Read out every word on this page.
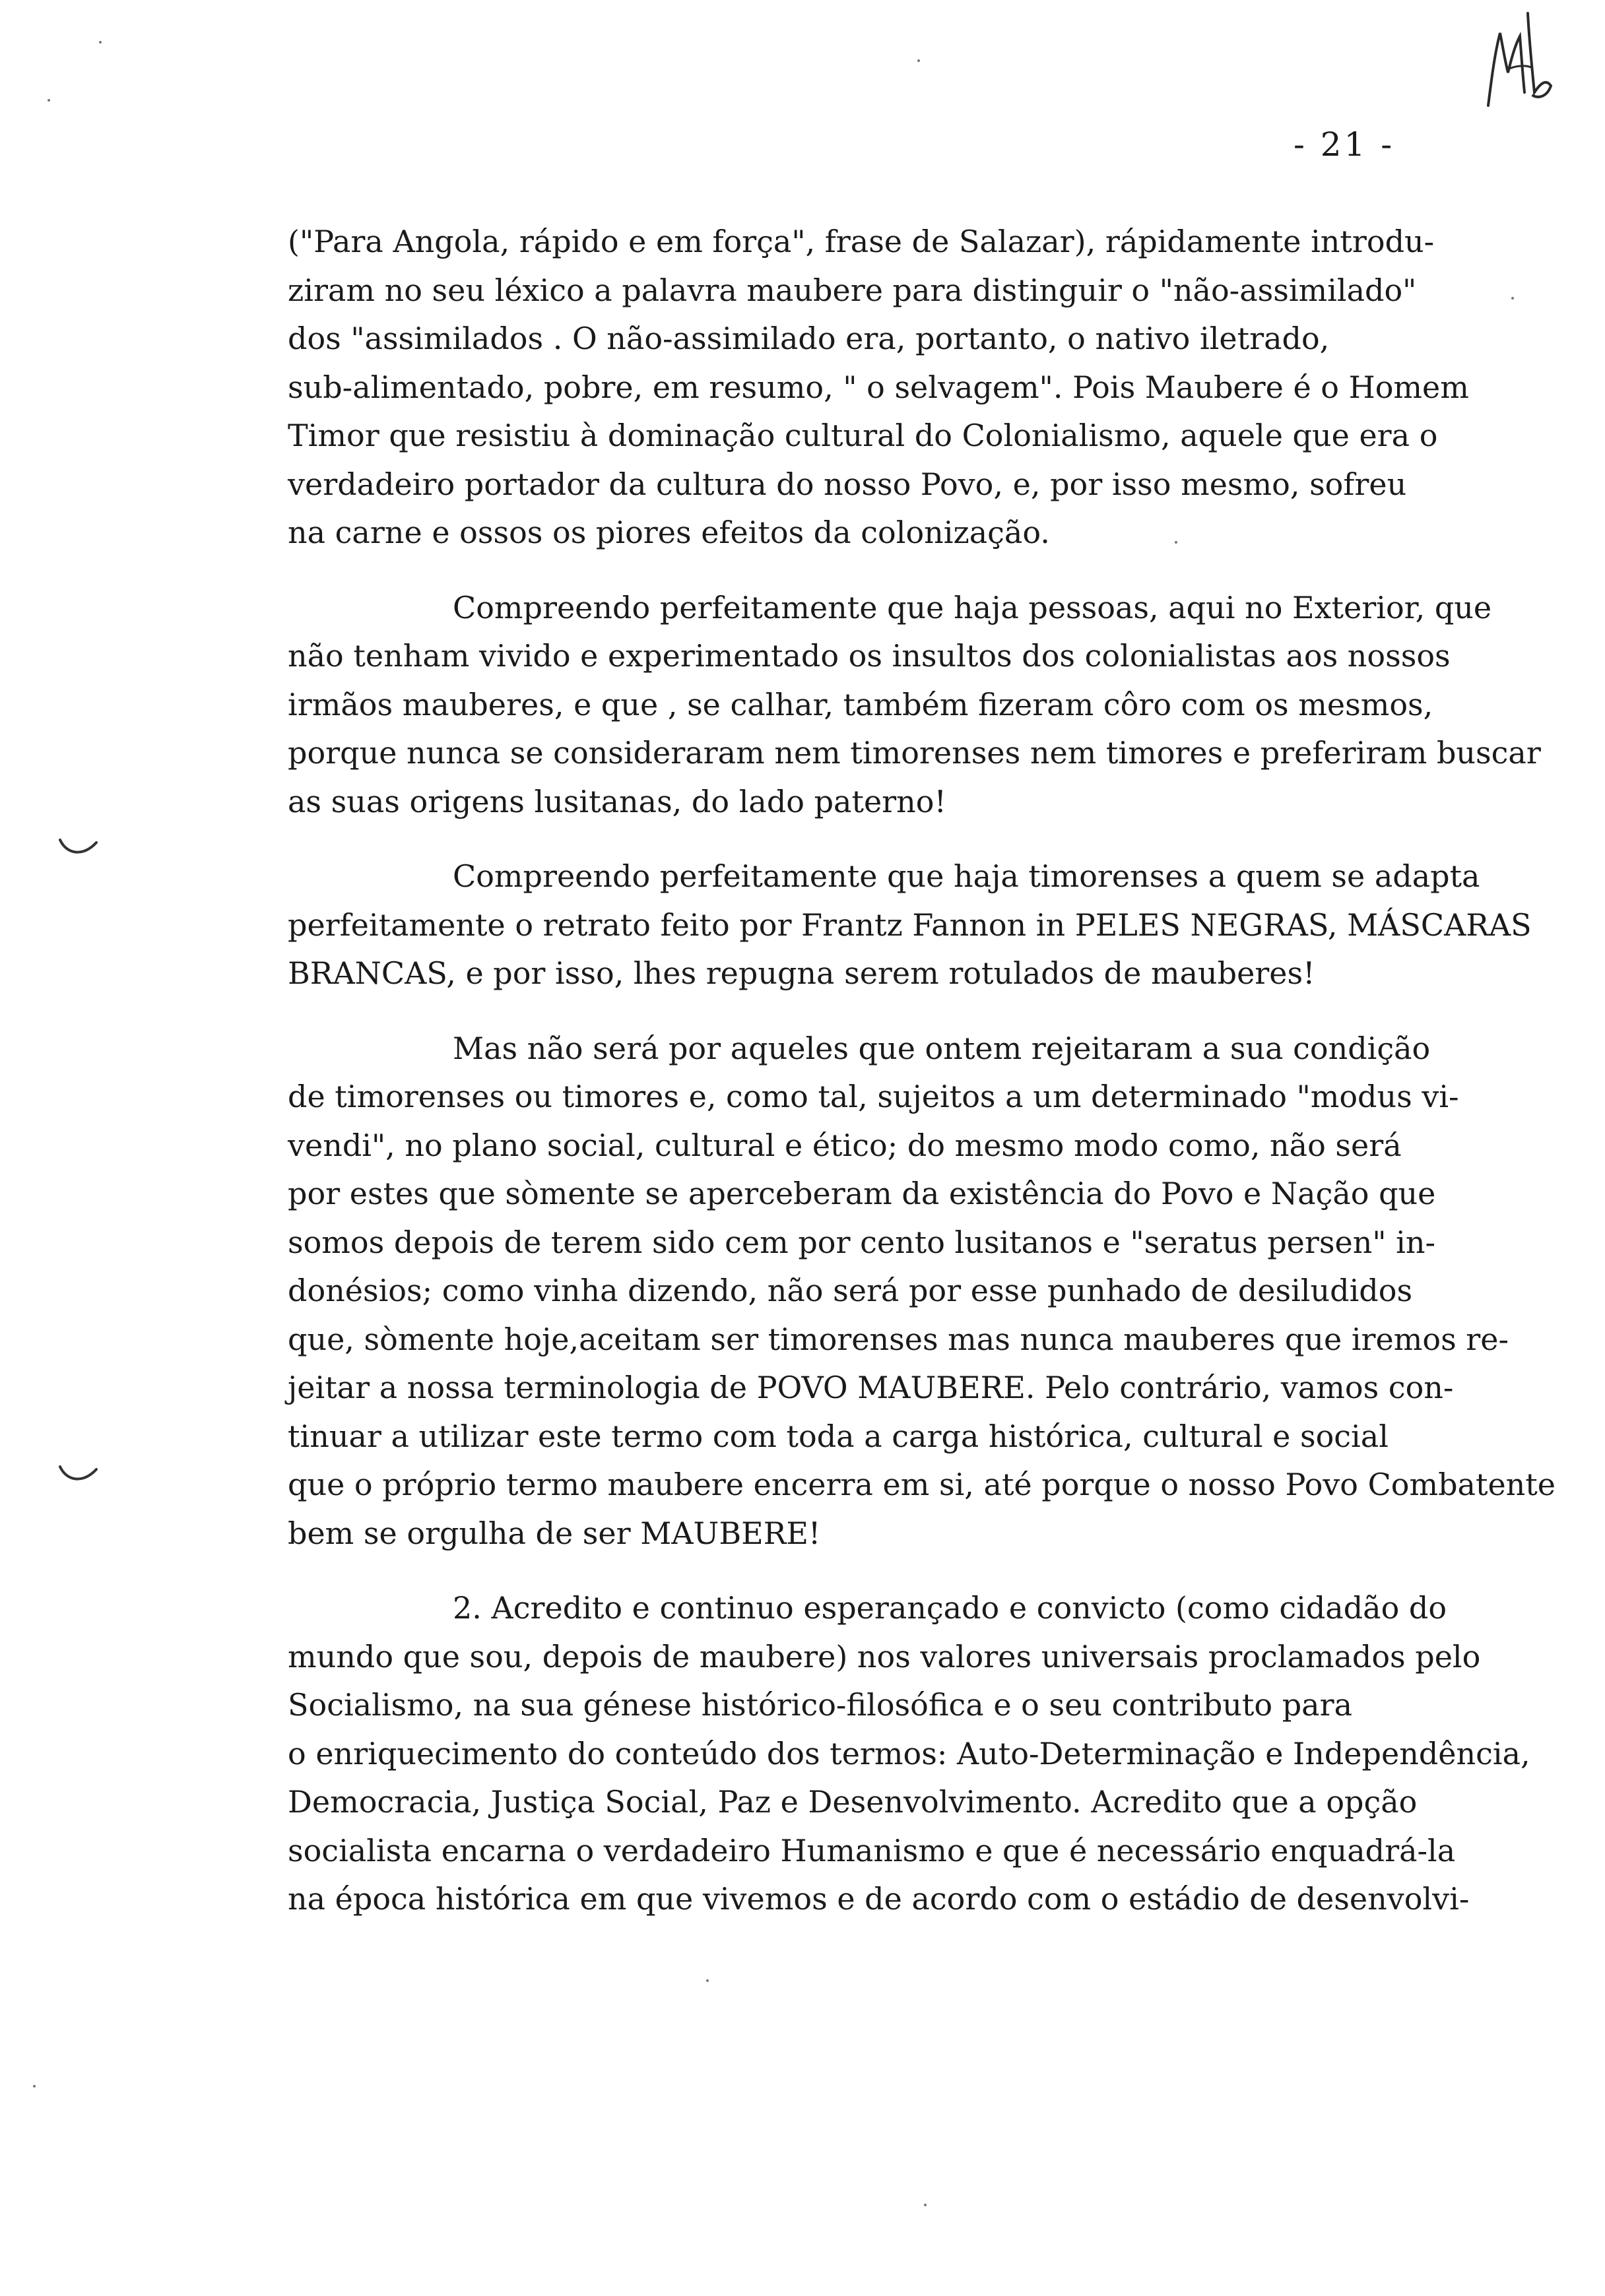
- 21 -
("Para Angola, rápido e em força", frase de Salazar), rápidamente introdu-
ziram no seu léxico a palavra maubere para distinguir o "não-assimilado"
dos "assimilados . O não-assimilado era, portanto, o nativo iletrado,
sub-alimentado, pobre, em resumo, " o selvagem". Pois Maubere é o Homem
Timor que resistiu à dominação cultural do Colonialismo, aquele que era o
verdadeiro portador da cultura do nosso Povo, e, por isso mesmo, sofreu
na carne e ossos os piores efeitos da colonização.
Compreendo perfeitamente que haja pessoas, aqui no Exterior, que
não tenham vivido e experimentado os insultos dos colonialistas aos nossos
irmãos mauberes, e que , se calhar, também fizeram côro com os mesmos,
porque nunca se consideraram nem timorenses nem timores e preferiram buscar
as suas origens lusitanas, do lado paterno!
Compreendo perfeitamente que haja timorenses a quem se adapta
perfeitamente o retrato feito por Frantz Fannon in PELES NEGRAS, MÁSCARAS
BRANCAS, e por isso, lhes repugna serem rotulados de mauberes!
Mas não será por aqueles que ontem rejeitaram a sua condição
de timorenses ou timores e, como tal, sujeitos a um determinado "modus vi-
vendi", no plano social, cultural e ético; do mesmo modo como, não será
por estes que sòmente se aperceberam da existência do Povo e Nação que
somos depois de terem sido cem por cento lusitanos e "seratus persen" in-
donésios; como vinha dizendo, não será por esse punhado de desiludidos
que, sòmente hoje,aceitam ser timorenses mas nunca mauberes que iremos re-
jeitar a nossa terminologia de POVO MAUBERE. Pelo contrário, vamos con-
tinuar a utilizar este termo com toda a carga histórica, cultural e social
que o próprio termo maubere encerra em si, até porque o nosso Povo Combatente
bem se orgulha de ser MAUBERE!
2. Acredito e continuo esperançado e convicto (como cidadão do
mundo que sou, depois de maubere) nos valores universais proclamados pelo
Socialismo, na sua génese histórico-filosófica e o seu contributo para
o enriquecimento do conteúdo dos termos: Auto-Determinação e Independência,
Democracia, Justiça Social, Paz e Desenvolvimento. Acredito que a opção
socialista encarna o verdadeiro Humanismo e que é necessário enquadrá-la
na época histórica em que vivemos e de acordo com o estádio de desenvolvi-
